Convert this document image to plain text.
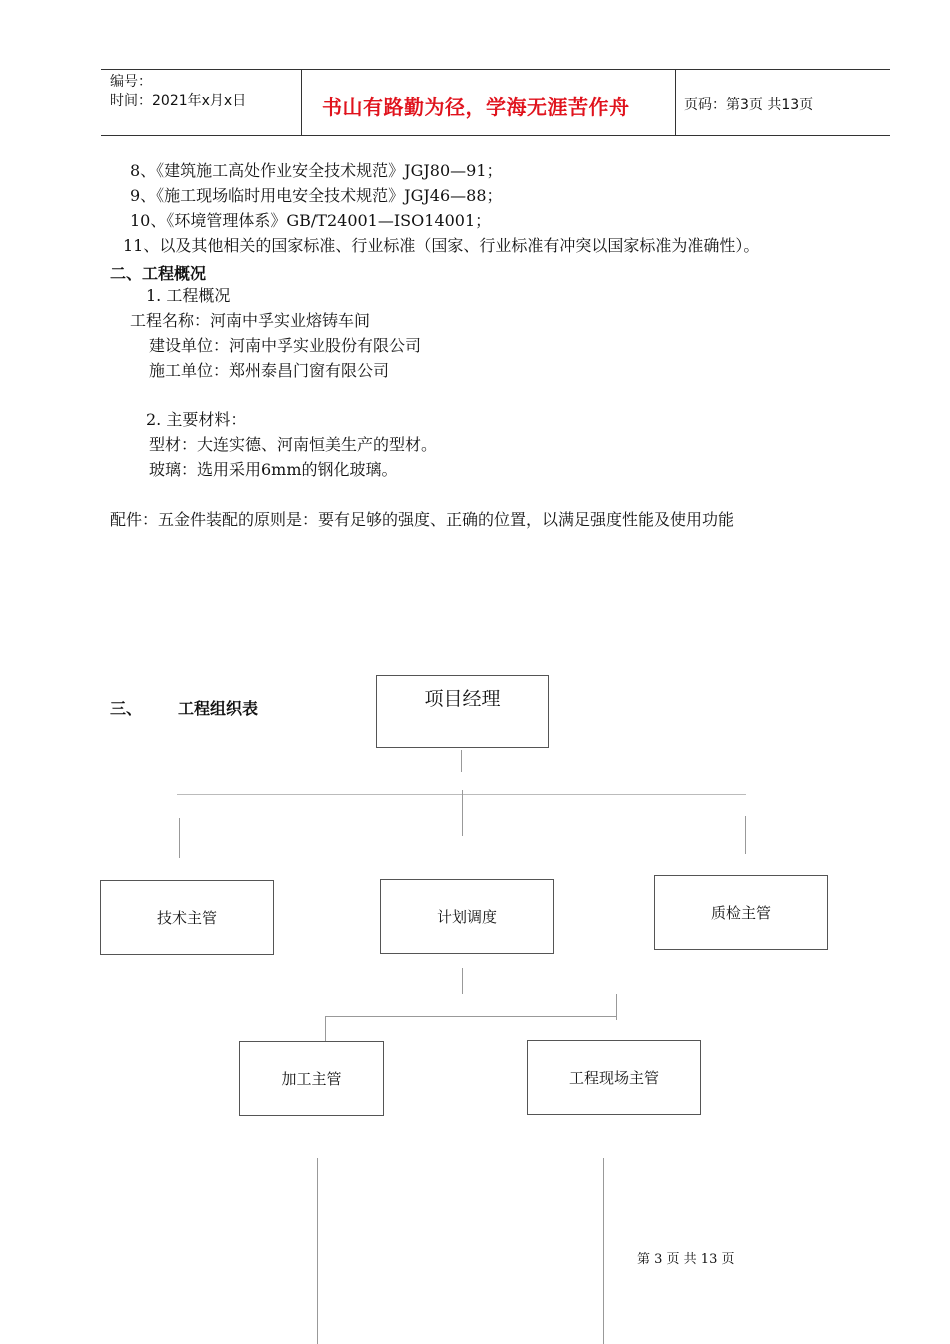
编号：
时间：2021年x月x日	书山有路勤为径，学海无涯苦作舟	页码：第3页 共13页
8、《建筑施工高处作业安全技术规范》JGJ80—91；
9、《施工现场临时用电安全技术规范》JGJ46—88；
10、《环境管理体系》GB/T24001—ISO14001；
11、以及其他相关的国家标准、行业标准（国家、行业标准有冲突以国家标准为准确性）。
二、工程概况
1. 工程概况
工程名称：河南中孚实业熔铸车间
建设单位：河南中孚实业股份有限公司
施工单位：郑州泰昌门窗有限公司
2. 主要材料：
型材：大连实德、河南恒美生产的型材。
玻璃：选用采用6mm的钢化玻璃。
配件：五金件装配的原则是：要有足够的强度、正确的位置，以满足强度性能及使用功能
三、 工程组织表	项目经理
技术主管	计划调度	质检主管
加工主管	工程现场主管
第 3 页 共 13 页
